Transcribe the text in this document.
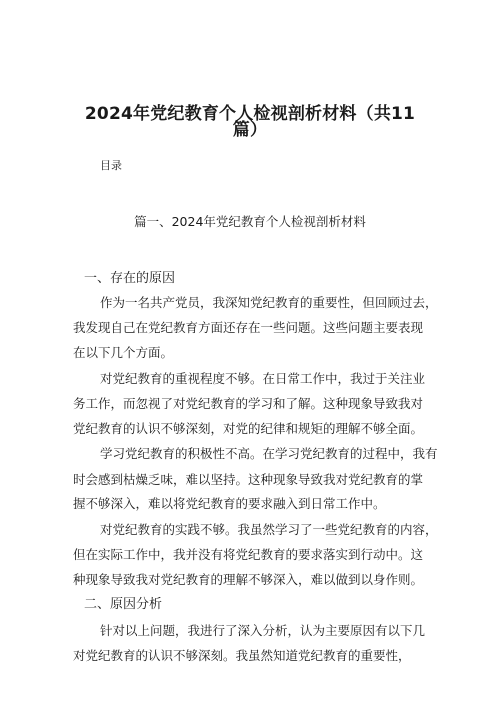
2024年党纪教育个人检视剖析材料（共11
篇）
目录
篇一、2024年党纪教育个人检视剖析材料
一、存在的原因
作为一名共产党员，我深知党纪教育的重要性，但回顾过去，
我发现自己在党纪教育方面还存在一些问题。这些问题主要表现
在以下几个方面。
对党纪教育的重视程度不够。在日常工作中，我过于关注业
务工作，而忽视了对党纪教育的学习和了解。这种现象导致我对
党纪教育的认识不够深刻，对党的纪律和规矩的理解不够全面。
学习党纪教育的积极性不高。在学习党纪教育的过程中，我有
时会感到枯燥乏味，难以坚持。这种现象导致我对党纪教育的掌
握不够深入，难以将党纪教育的要求融入到日常工作中。
对党纪教育的实践不够。我虽然学习了一些党纪教育的内容，
但在实际工作中，我并没有将党纪教育的要求落实到行动中。这
种现象导致我对党纪教育的理解不够深入，难以做到以身作则。
二、原因分析
针对以上问题，我进行了深入分析，认为主要原因有以下几
对党纪教育的认识不够深刻。我虽然知道党纪教育的重要性，
